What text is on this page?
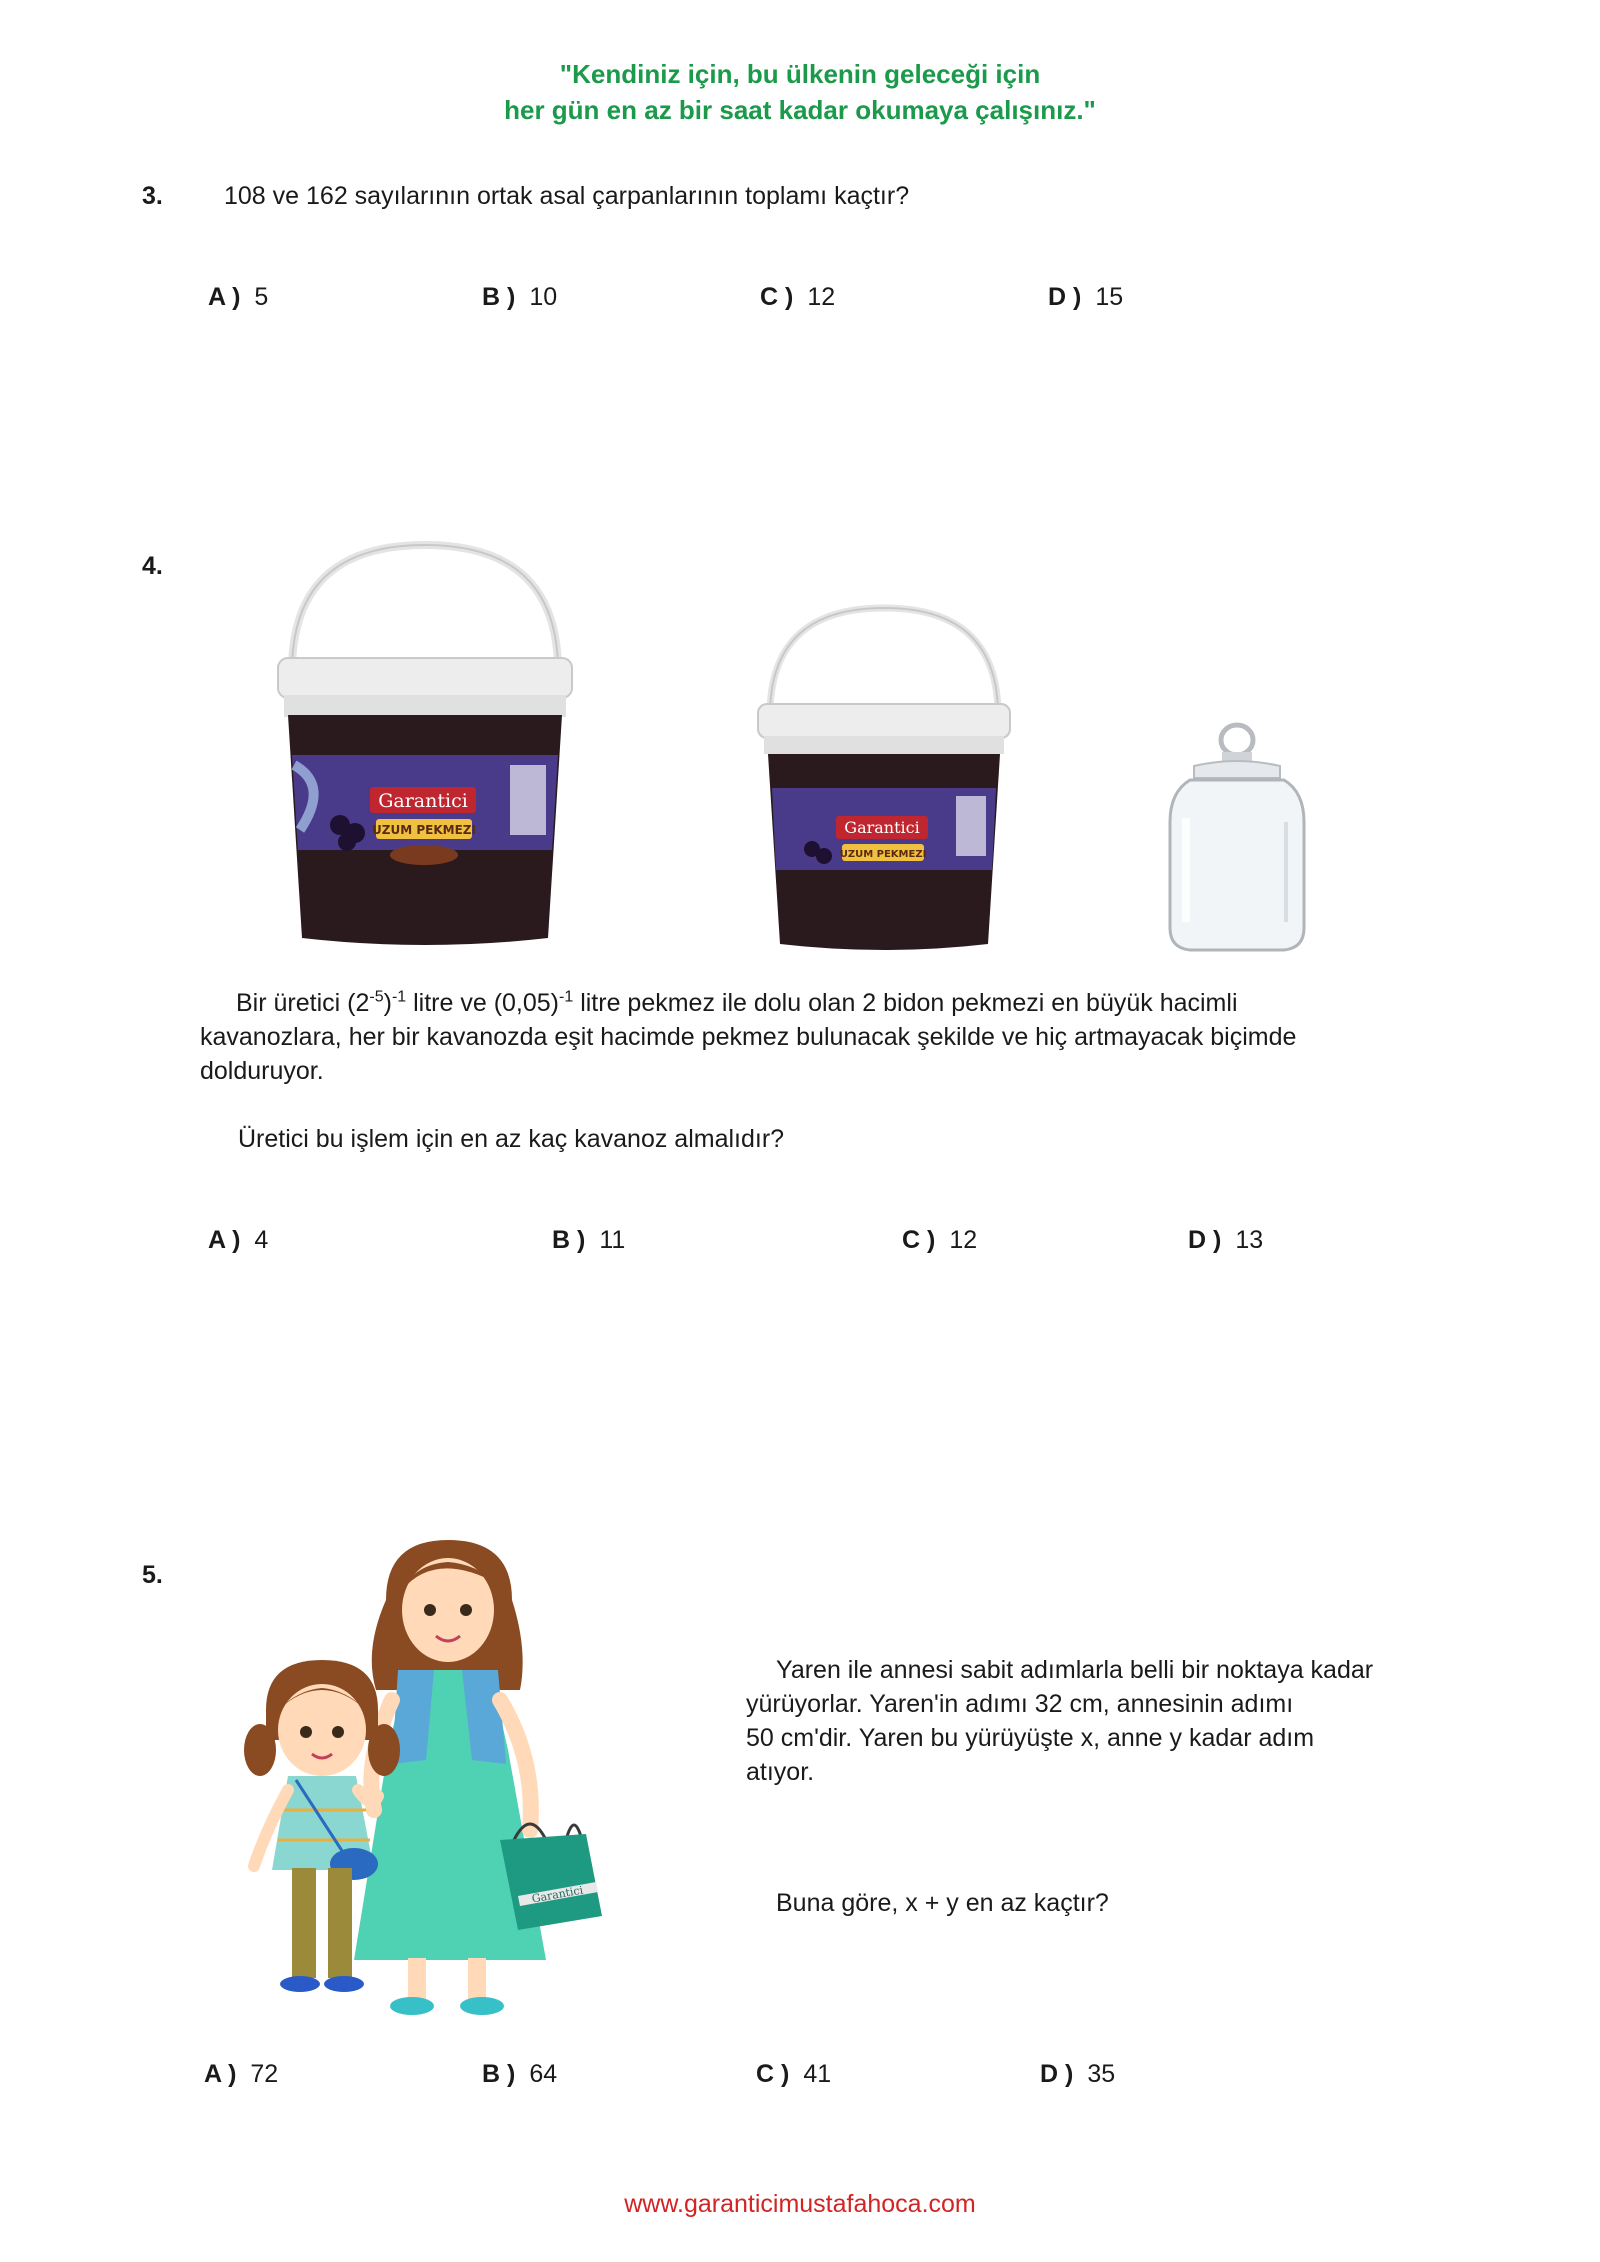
"Kendiniz için, bu ülkenin geleceği için
her gün en az bir saat kadar okumaya çalışınız."
3. 108 ve 162 sayılarının ortak asal çarpanlarının toplamı kaçtır?
A ) 5	B ) 10	C ) 12	D ) 15
4.
Garantici
UZUM PEKMEZI	Garantici
UZUM PEKMEZI
Bir üretici $(2^{-5})^{-1}$ litre ve $(0,05)^{-1}$ litre pekmez ile dolu olan 2 bidon pekmezi en büyük hacimli
kavanozlara, her bir kavanozda eşit hacimde pekmez bulunacak şekilde ve hiç artmayacak biçimde
dolduruyor.
Üretici bu işlem için en az kaç kavanoz almalıdır?
A ) 4	B ) 11	C ) 12	D ) 13
5.
Garantici
Yaren ile annesi sabit adımlarla belli bir noktaya kadar
yürüyorlar. Yaren'in adımı 32 cm, annesinin adımı
50 cm'dir. Yaren bu yürüyüşte x, anne y kadar adım
atıyor.
Buna göre, x + y en az kaçtır?
A ) 72	B ) 64	C ) 41	D ) 35
www.garanticimustafahoca.com
